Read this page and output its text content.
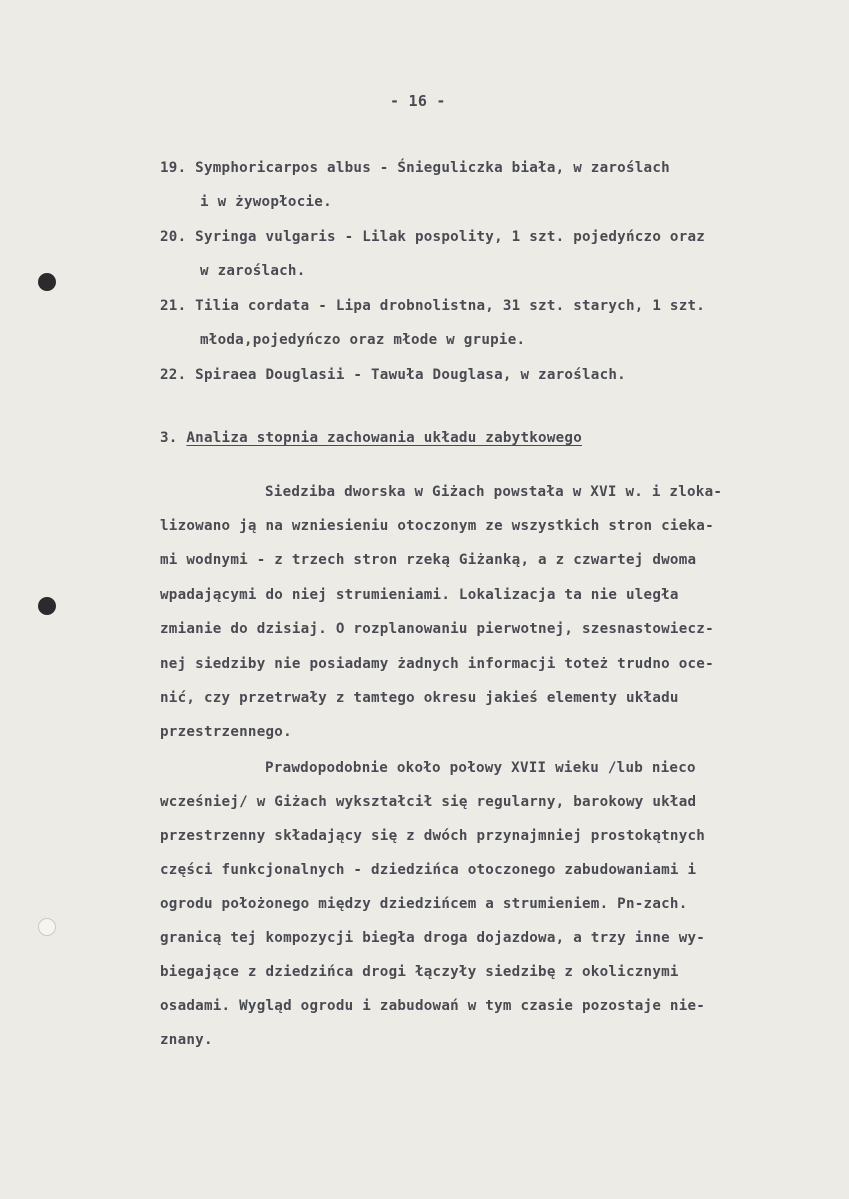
- 16 -
19. Symphoricarpos albus - Śnieguliczka biała, w zaroślach
i w żywopłocie.
20. Syringa vulgaris - Lilak pospolity, 1 szt. pojedyńczo oraz
w zaroślach.
21. Tilia cordata - Lipa drobnolistna, 31 szt. starych, 1 szt.
młoda,pojedyńczo oraz młode w grupie.
22. Spiraea Douglasii - Tawuła Douglasa, w zaroślach.
3. Analiza stopnia zachowania układu zabytkowego
Siedziba dworska w Giżach powstała w XVI w. i zloka-
lizowano ją na wzniesieniu otoczonym ze wszystkich stron cieka-
mi wodnymi - z trzech stron rzeką Giżanką, a z czwartej dwoma
wpadającymi do niej strumieniami. Lokalizacja ta nie uległa
zmianie do dzisiaj. O rozplanowaniu pierwotnej, szesnastowiecz-
nej siedziby nie posiadamy żadnych informacji toteż trudno oce-
nić, czy przetrwały z tamtego okresu jakieś elementy układu
przestrzennego.
Prawdopodobnie około połowy XVII wieku /lub nieco
wcześniej/ w Giżach wykształcił się regularny, barokowy układ
przestrzenny składający się z dwóch przynajmniej prostokątnych
części funkcjonalnych - dziedzińca otoczonego zabudowaniami i
ogrodu położonego między dziedzińcem a strumieniem. Pn-zach.
granicą tej kompozycji biegła droga dojazdowa, a trzy inne wy-
biegające z dziedzińca drogi łączyły siedzibę z okolicznymi
osadami. Wygląd ogrodu i zabudowań w tym czasie pozostaje nie-
znany.
